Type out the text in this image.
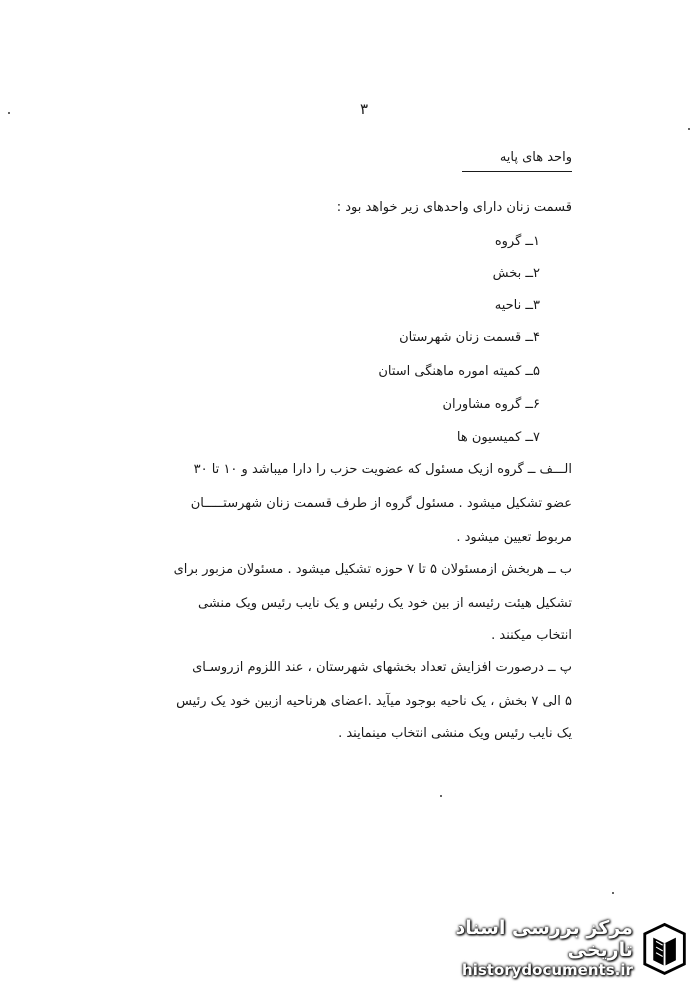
۳
واحد های پایه
قسمت زنان دارای واحدهای زیر خواهد بود :
۱ــ گروه
۲ــ بخش
۳ــ ناحیه
۴ــ قسمت زنان شهرستان
۵ــ کمیته اموره ماهنگی استان
۶ــ گروه مشاوران
۷ــ کمیسیون ها
الـــف ــ گروه ازیک مسئول که عضویت حزب را دارا میباشد و ۱۰ تا ۳۰
عضو تشکیل میشود . مسئول گروه از طرف قسمت زنان شهرستـــــان
مربوط تعیین میشود .
ب ــ هربخش ازمسئولان ۵ تا ۷ حوزه تشکیل میشود . مسئولان مزبور برای
تشکیل هیئت رئیسه از بین خود یک رئیس و یک نایب رئیس ویک منشی
انتخاب میکنند .
پ ــ درصورت افزایش تعداد بخشهای شهرستان ، عند اللزوم ازروسـای
۵ الی ۷ بخش ، یک ناحیه بوجود میآید .اعضای هرناحیه ازبین خود یک رئیس
یک نایب رئیس ویک منشی انتخاب مینمایند .
مرکز بررسی اسناد تاریخی
historydocuments.ir
